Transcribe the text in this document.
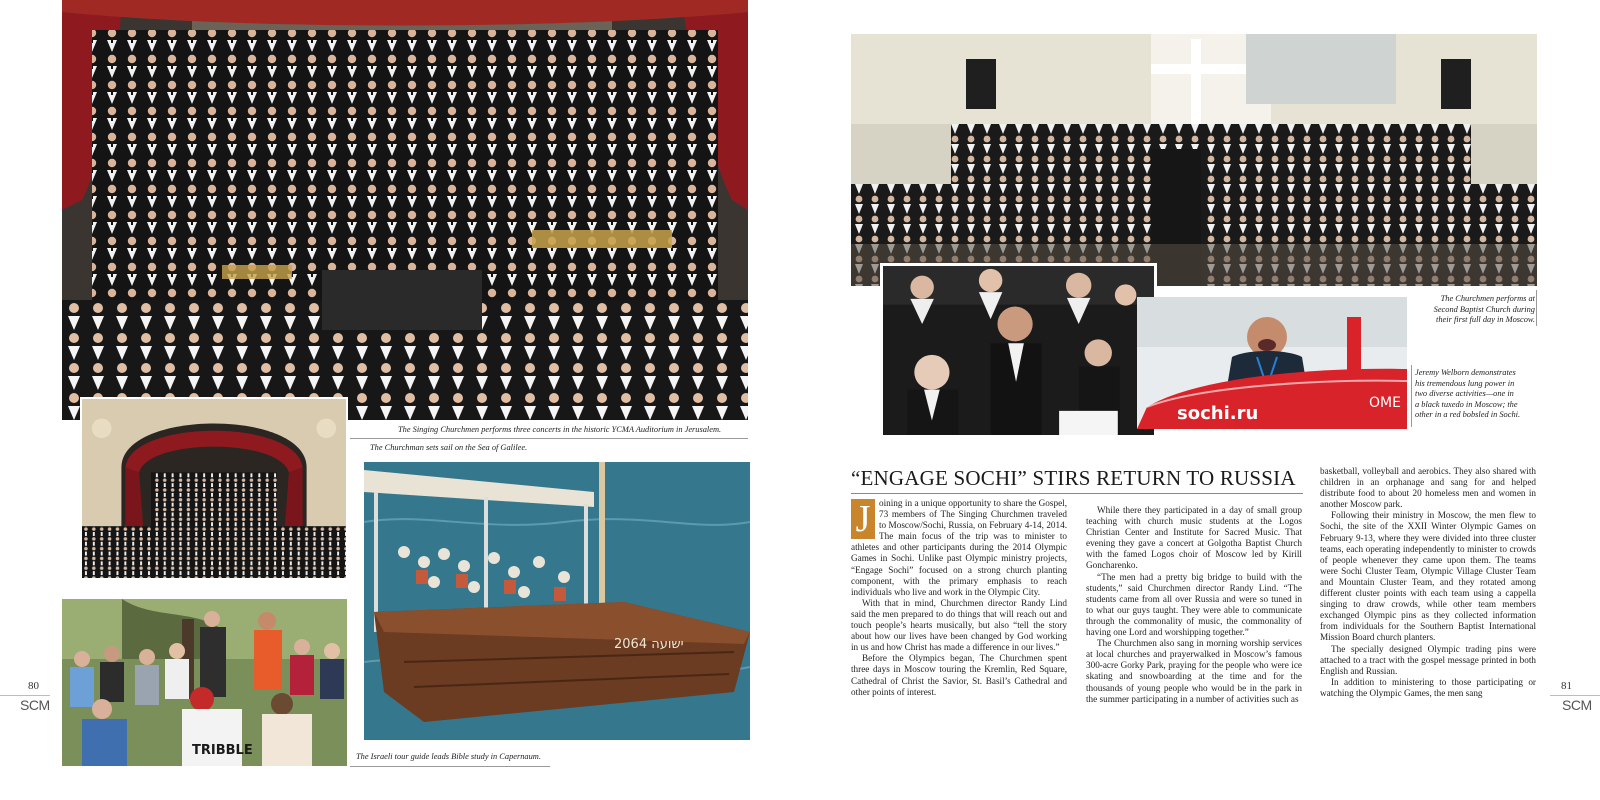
The Singing Churchmen performs three concerts in the historic YCMA Auditorium in Jerusalem.
The Churchman sets sail on the Sea of Galilee.
ישועה 2064
TRIBBLE	The Israeli tour guide leads Bible study in Capernaum.
80
SCM
sochi.ru	OME
The Churchmen performs at
Second Baptist Church during
their first full day in Moscow.
Jeremy Welborn demonstrates
his tremendous lung power in
two diverse activities—one in
a black tuxedo in Moscow; the
other in a red bobsled in Sochi.
“ENGAGE SOCHI” STIRS RETURN TO RUSSIA
J oining in a unique opportunity to share the Gospel, 73 members of The Singing Churchmen traveled to Moscow/Sochi, Russia, on February 4-14, 2014. The main focus of the trip was to minister to athletes and other participants during the 2014 Olympic Games in Sochi. Unlike past Olympic ministry projects, “Engage Sochi” focused on a strong church planting component, with the primary emphasis to reach individuals who live and work in the Olympic City.

With that in mind, Churchmen director Randy Lind said the men prepared to do things that will reach out and touch people’s hearts musically, but also “tell the story about how our lives have been changed by God working in us and how Christ has made a difference in our lives.”

Before the Olympics began, The Churchmen spent three days in Moscow touring the Kremlin, Red Square, Cathedral of Christ the Savior, St. Basil’s Cathedral and other points of interest.

While there they participated in a day of small group teaching with church music students at the Logos Christian Center and Institute for Sacred Music. That evening they gave a concert at Golgotha Baptist Church with the famed Logos choir of Moscow led by Kirill Goncharenko.

“The men had a pretty big bridge to build with the students,” said Churchmen director Randy Lind. “The students came from all over Russia and were so tuned in to what our guys taught. They were able to communicate through the commonality of music, the commonality of having one Lord and worshipping together.”

The Churchmen also sang in morning worship services at local churches and prayerwalked in Moscow’s famous 300-acre Gorky Park, praying for the people who were ice skating and snowboarding at the time and for the thousands of young people who would be in the park in the summer participating in a number of activities such as

basketball, volleyball and aerobics. They also shared with children in an orphanage and sang for and helped distribute food to about 20 homeless men and women in another Moscow park.

Following their ministry in Moscow, the men flew to Sochi, the site of the XXII Winter Olympic Games on February 9-13, where they were divided into three cluster teams, each operating independently to minister to crowds of people whenever they came upon them. The teams were Sochi Cluster Team, Olympic Village Cluster Team and Mountain Cluster Team, and they rotated among different cluster points with each team using a cappella singing to draw crowds, while other team members exchanged Olympic pins as they collected information from individuals for the Southern Baptist International Mission Board church planters.

The specially designed Olympic trading pins were attached to a tract with the gospel message printed in both English and Russian.

In addition to ministering to those participating or watching the Olympic Games, the men sang

81
SCM
